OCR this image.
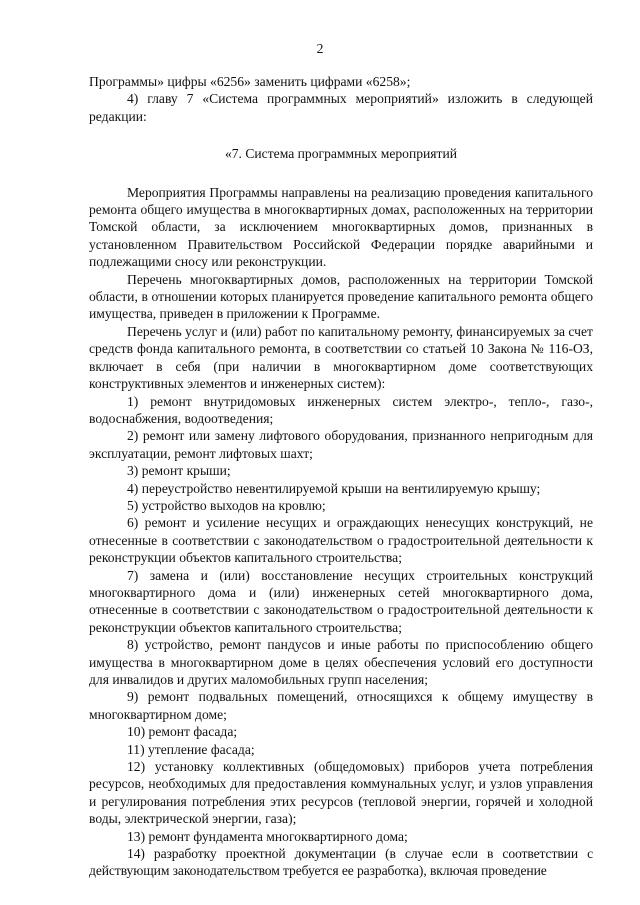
2

Программы» цифры «6256» заменить цифрами «6258»;

4) главу 7 «Система программных мероприятий» изложить в следующей редакции:

«7. Система программных мероприятий

Мероприятия Программы направлены на реализацию проведения капитального ремонта общего имущества в многоквартирных домах, расположенных на территории Томской области, за исключением многоквартирных домов, признанных в установленном Правительством Российской Федерации порядке аварийными и подлежащими сносу или реконструкции.

Перечень многоквартирных домов, расположенных на территории Томской области, в отношении которых планируется проведение капитального ремонта общего имущества, приведен в приложении к Программе.

Перечень услуг и (или) работ по капитальному ремонту, финансируемых за счет средств фонда капитального ремонта, в соответствии со статьей 10 Закона № 116-ОЗ, включает в себя (при наличии в многоквартирном доме соответствующих конструктивных элементов и инженерных систем):

1) ремонт внутридомовых инженерных систем электро-, тепло-, газо-, водоснабжения, водоотведения;

2) ремонт или замену лифтового оборудования, признанного непригодным для эксплуатации, ремонт лифтовых шахт;

3) ремонт крыши;

4) переустройство невентилируемой крыши на вентилируемую крышу;

5) устройство выходов на кровлю;

6) ремонт и усиление несущих и ограждающих ненесущих конструкций, не отнесенные в соответствии с законодательством о градостроительной деятельности к реконструкции объектов капитального строительства;

7) замена и (или) восстановление несущих строительных конструкций многоквартирного дома и (или) инженерных сетей многоквартирного дома, отнесенные в соответствии с законодательством о градостроительной деятельности к реконструкции объектов капитального строительства;

8) устройство, ремонт пандусов и иные работы по приспособлению общего имущества в многоквартирном доме в целях обеспечения условий его доступности для инвалидов и других маломобильных групп населения;

9) ремонт подвальных помещений, относящихся к общему имуществу в многоквартирном доме;

10) ремонт фасада;

11) утепление фасада;

12) установку коллективных (общедомовых) приборов учета потребления ресурсов, необходимых для предоставления коммунальных услуг, и узлов управления и регулирования потребления этих ресурсов (тепловой энергии, горячей и холодной воды, электрической энергии, газа);

13) ремонт фундамента многоквартирного дома;

14) разработку проектной документации (в случае если в соответствии с действующим законодательством требуется ее разработка), включая проведение
